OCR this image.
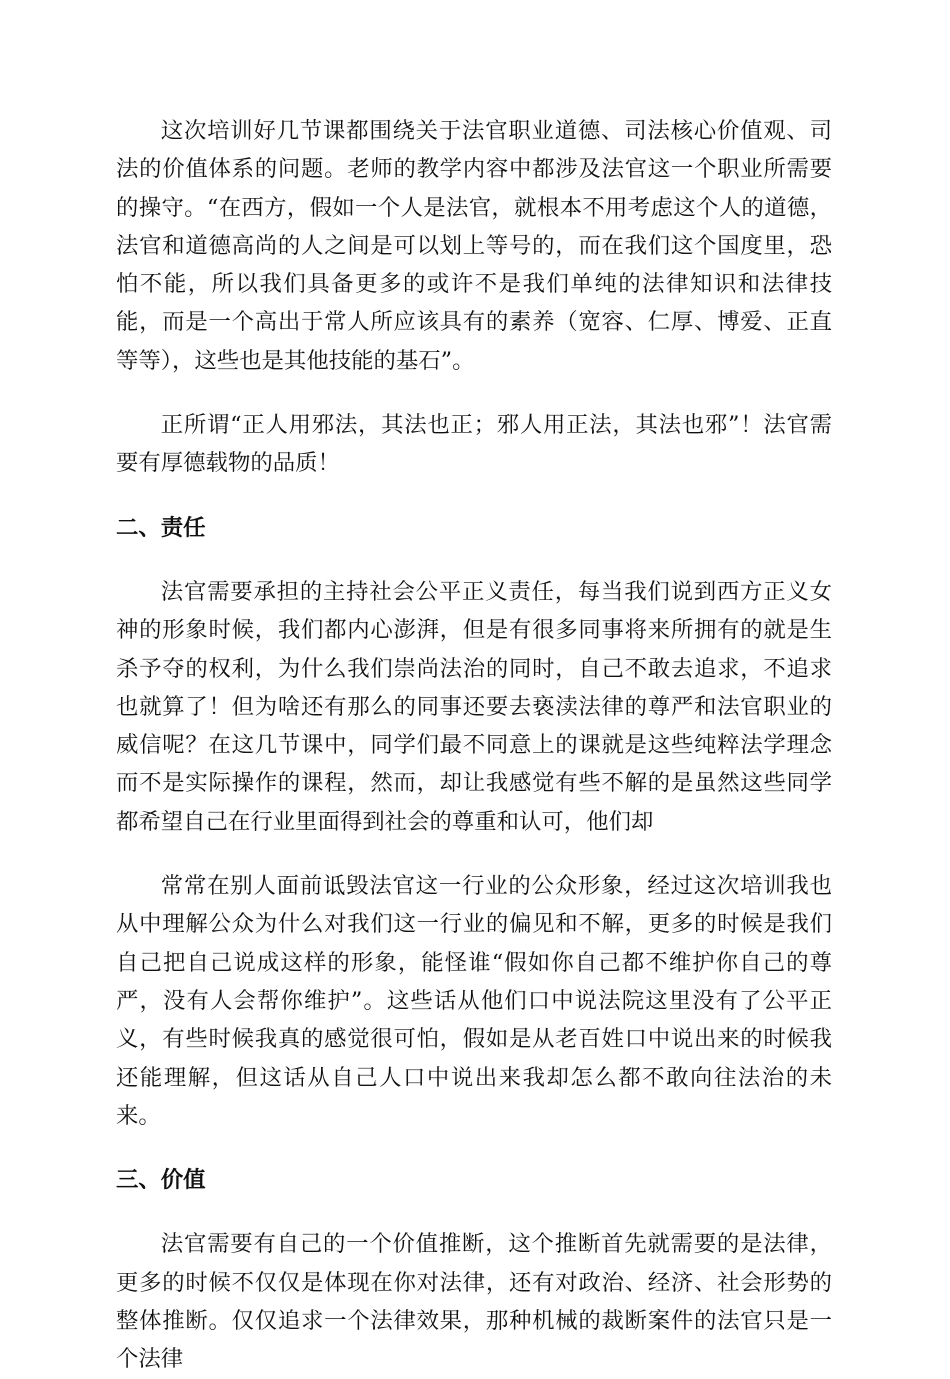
这次培训好几节课都围绕关于法官职业道德、司法核心价值观、司法的价值体系的问题。老师的教学内容中都涉及法官这一个职业所需要的操守。“在西方，假如一个人是法官，就根本不用考虑这个人的道德，法官和道德高尚的人之间是可以划上等号的，而在我们这个国度里，恐怕不能，所以我们具备更多的或许不是我们单纯的法律知识和法律技能，而是一个高出于常人所应该具有的素养（宽容、仁厚、博爱、正直等等），这些也是其他技能的基石”。

正所谓“正人用邪法，其法也正；邪人用正法，其法也邪”！法官需要有厚德载物的品质！

二、责任

法官需要承担的主持社会公平正义责任，每当我们说到西方正义女神的形象时候，我们都内心澎湃，但是有很多同事将来所拥有的就是生杀予夺的权利，为什么我们崇尚法治的同时，自己不敢去追求，不追求也就算了！但为啥还有那么的同事还要去亵渎法律的尊严和法官职业的威信呢？在这几节课中，同学们最不同意上的课就是这些纯粹法学理念而不是实际操作的课程，然而，却让我感觉有些不解的是虽然这些同学都希望自己在行业里面得到社会的尊重和认可，他们却

常常在别人面前诋毁法官这一行业的公众形象，经过这次培训我也从中理解公众为什么对我们这一行业的偏见和不解，更多的时候是我们自己把自己说成这样的形象，能怪谁“假如你自己都不维护你自己的尊严，没有人会帮你维护”。这些话从他们口中说法院这里没有了公平正义，有些时候我真的感觉很可怕，假如是从老百姓口中说出来的时候我还能理解，但这话从自己人口中说出来我却怎么都不敢向往法治的未来。

三、价值

法官需要有自己的一个价值推断，这个推断首先就需要的是法律，更多的时候不仅仅是体现在你对法律，还有对政治、经济、社会形势的整体推断。仅仅追求一个法律效果，那种机械的裁断案件的法官只是一个法律
